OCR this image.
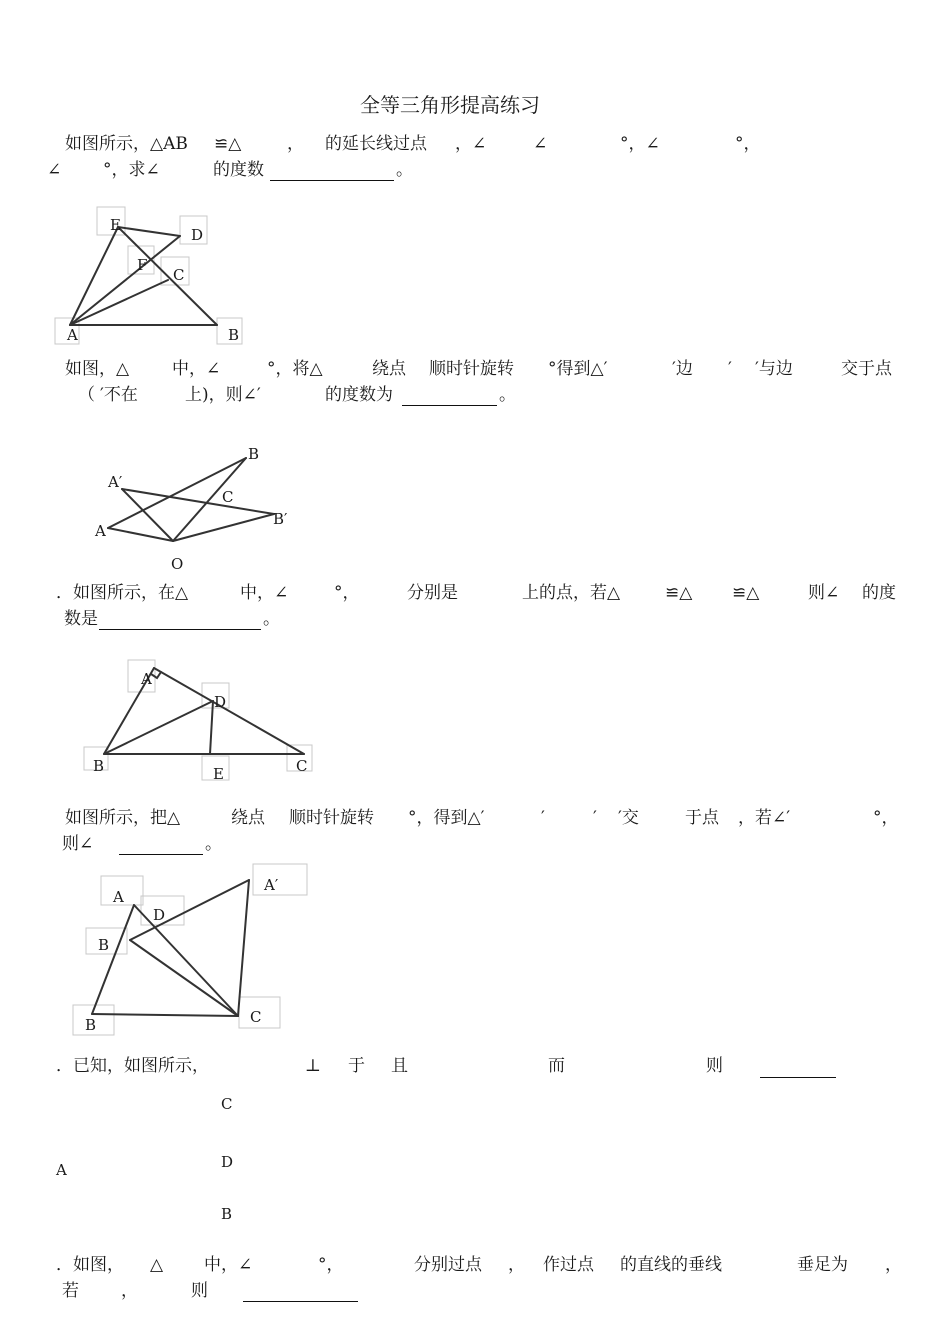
全等三角形提高练习
如图所示，△AB ≌△	， 的延长线过点 ，∠	∠	°，∠	°，
∠ °，求∠	的度数	。
E
D
F
C
A	B
如图，△	中，∠	°，将△	绕点 顺时针旋转 °得到△′	′边 ′ ′与边	交于点
（ ′不在	上)，则∠′	的度数为	。
B
A′
C
B′
A
O
．如图所示，在△	中，∠	°，	分别是	上的点，若△	≌△ ≌△	则∠ 的度
数是	。
A
D
B	E	C
如图所示，把△	绕点 顺时针旋转 °，得到△′	′	′ ′交	于点 ，若∠′	°，
则∠	。
A′
A
D
B
B	C
．已知，如图所示，	⊥ 于 且	而	则
C
A	D
B
．如图， △ 中，∠	°，	分别过点 ， 作过点 的直线的垂线	垂足为 ，
若 ，	则
